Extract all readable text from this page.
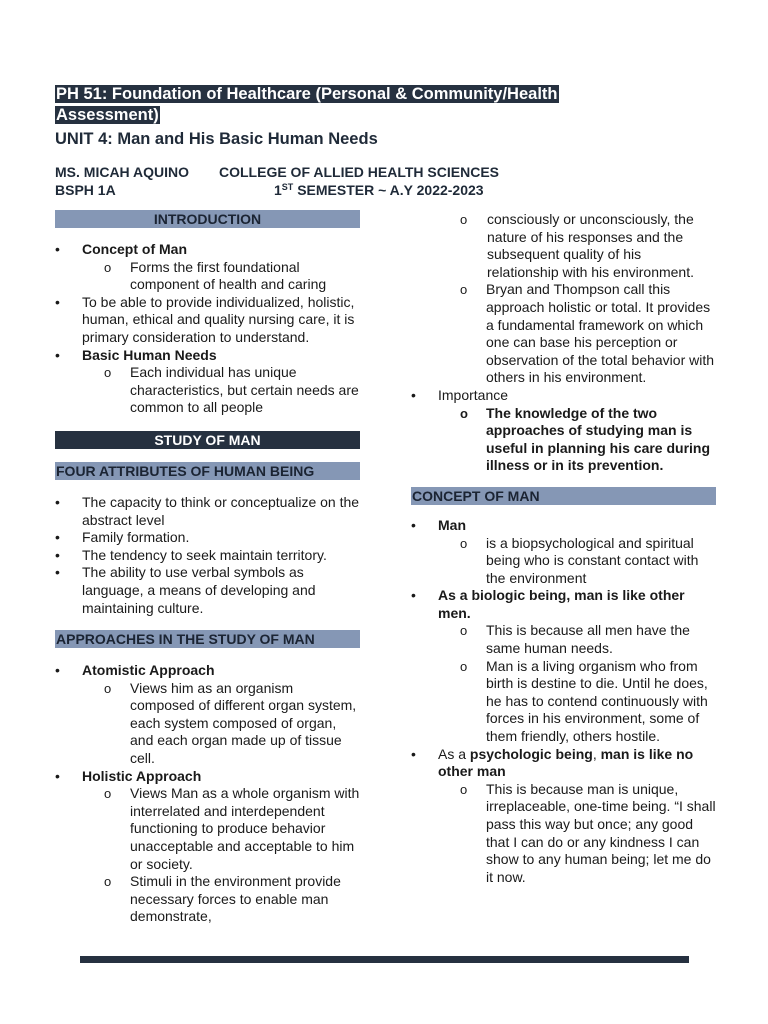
PH 51: Foundation of Healthcare (Personal & Community/Health Assessment)
UNIT 4: Man and His Basic Human Needs
MS. MICAH AQUINO COLLEGE OF ALLIED HEALTH SCIENCES
BSPH 1A	1ST SEMESTER ~ A.Y 2022-2023
INTRODUCTION
• Concept of Man
o Forms the first foundational component of health and caring
• To be able to provide individualized, holistic, human, ethical and quality nursing care, it is primary consideration to understand.
• Basic Human Needs
o Each individual has unique characteristics, but certain needs are common to all people
STUDY OF MAN
FOUR ATTRIBUTES OF HUMAN BEING
• The capacity to think or conceptualize on the abstract level
• Family formation.
• The tendency to seek maintain territory.
• The ability to use verbal symbols as language, a means of developing and maintaining culture.
APPROACHES IN THE STUDY OF MAN
• Atomistic Approach
o Views him as an organism composed of different organ system, each system composed of organ, and each organ made up of tissue cell.
• Holistic Approach
o Views Man as a whole organism with interrelated and interdependent functioning to produce behavior unacceptable and acceptable to him or society.
o Stimuli in the environment provide necessary forces to enable man demonstrate,
o consciously or unconsciously, the nature of his responses and the subsequent quality of his relationship with his environment.
o Bryan and Thompson call this approach holistic or total. It provides a fundamental framework on which one can base his perception or observation of the total behavior with others in his environment.
• Importance
o The knowledge of the two approaches of studying man is useful in planning his care during illness or in its prevention.
CONCEPT OF MAN
• Man
o is a biopsychological and spiritual being who is constant contact with the environment
• As a biologic being, man is like other men.
o This is because all men have the same human needs.
o Man is a living organism who from birth is destine to die. Until he does, he has to contend continuously with forces in his environment, some of them friendly, others hostile.
• As a psychologic being, man is like no other man
o This is because man is unique, irreplaceable, one-time being. “I shall pass this way but once; any good that I can do or any kindness I can show to any human being; let me do it now.
